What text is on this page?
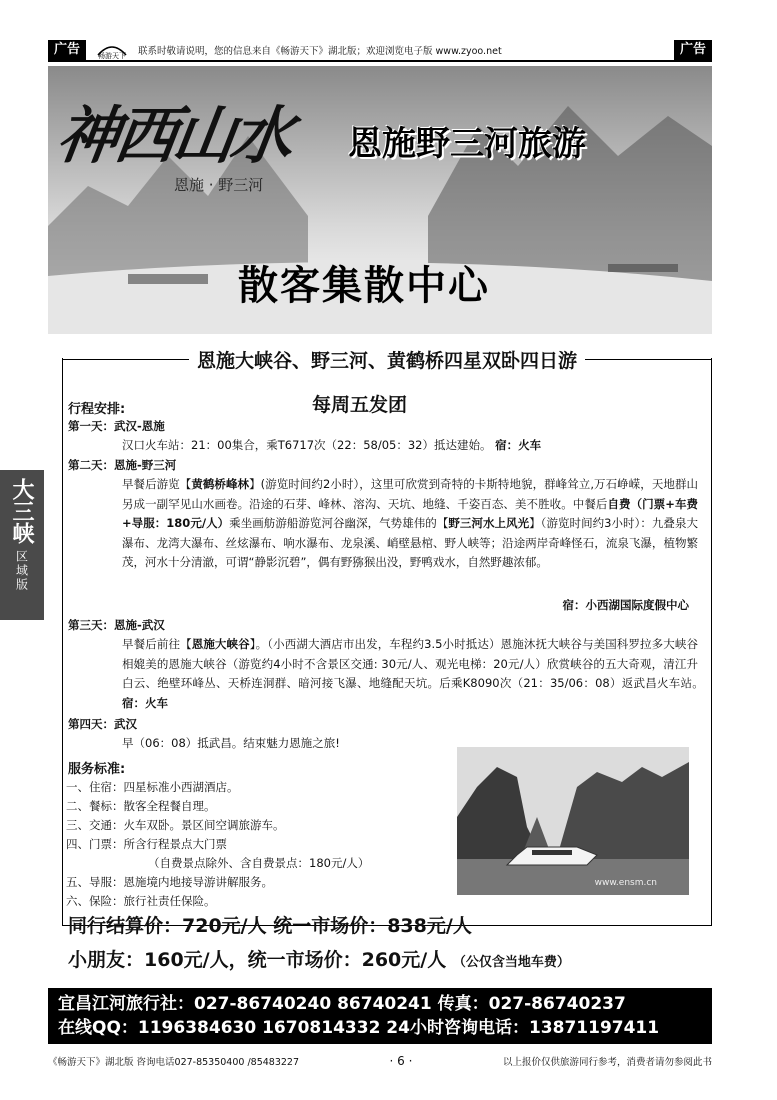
广告	畅游天下 联系时敬请说明，您的信息来自《畅游天下》湖北版；欢迎浏览电子版 www.zyoo.net	广告
神西山水
恩施 · 野三河
恩施野三河旅游
散客集散中心
大三峡
区域版
恩施大峡谷、野三河、黄鹤桥四星双卧四日游
每周五发团
行程安排:
第一天：武汉-恩施
汉口火车站：21：00集合，乘T6717次（22：58/05：32）抵达建始。 宿：火车
第二天：恩施-野三河
早餐后游览【黄鹤桥峰林】(游览时间约2小时），这里可欣赏到奇特的卡斯特地貌，群峰耸立,万石峥嵘，天地群山另成一副罕见山水画卷。沿途的石芽、峰林、溶沟、天坑、地缝、千姿百态、美不胜收。中餐后自费（门票+车费+导服：180元/人）乘坐画舫游船游览河谷幽深，气势雄伟的【野三河水上风光】（游览时间约3小时）：九叠泉大瀑布、龙湾大瀑布、丝炫瀑布、响水瀑布、龙泉溪、峭壁悬棺、野人峡等；沿途两岸奇峰怪石，流泉飞瀑，植物繁茂，河水十分清澈，可谓“静影沉碧”，偶有野猕猴出没，野鸭戏水，自然野趣浓郁。
宿：小西湖国际度假中心
第三天：恩施-武汉
早餐后前往【恩施大峡谷】。（小西湖大酒店市出发，车程约3.5小时抵达）恩施沐抚大峡谷与美国科罗拉多大峡谷相媲美的恩施大峡谷（游览约4小时不含景区交通: 30元/人、观光电梯：20元/人）欣赏峡谷的五大奇观，清江升白云、绝壁环峰丛、天桥连洞群、暗河接飞瀑、地缝配天坑。后乘K8090次（21：35/06：08）返武昌火车站。　宿：火车
第四天：武汉
早（06：08）抵武昌。结束魅力恩施之旅!
服务标准:
一、住宿：四星标准小西湖酒店。
二、餐标：散客全程餐自理。
三、交通：火车双卧。景区间空调旅游车。
四、门票：所含行程景点大门票
（自费景点除外、含自费景点：180元/人）
五、导服：恩施境内地接导游讲解服务。
六、保险：旅行社责任保险。
www.ensm.cn
同行结算价：720元/人 统一市场价：838元/人
小朋友：160元/人，统一市场价：260元/人 （公仅含当地车费）
宜昌江河旅行社：027-86740240 86740241 传真：027-86740237
在线QQ：1196384630 1670814332 24小时咨询电话：13871197411
《畅游天下》湖北版 咨询电话027-85350400 /85483227	· 6 ·	以上报价仅供旅游同行参考，消费者请勿参阅此书
